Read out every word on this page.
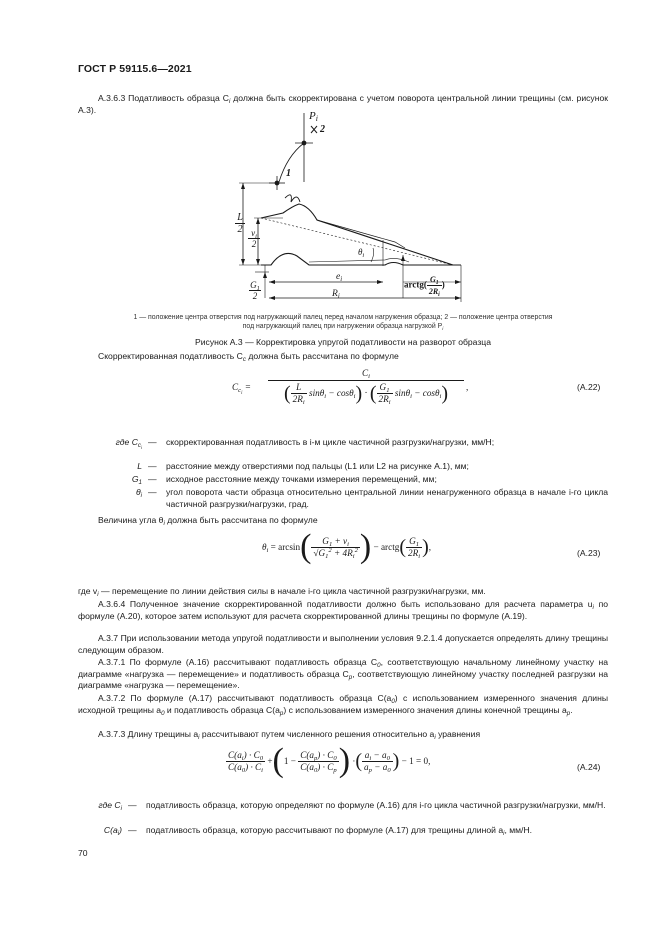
ГОСТ Р 59115.6—2021
А.3.6.3 Податливость образца $C_i$ должна быть скорректирована с учетом поворота центральной линии трещины (см. рисунок А.3).
$P_i$
2
1
L
2 $v_i$
2
$\theta_i$
$e_i$
$R_i$
$G_1$
2
arctg( $\frac{G_1}{2R_i}$ )
1 — положение центра отверстия под нагружающий палец перед началом нагружения образца; 2 — положение центра отверстия
под нагружающий палец при нагружении образца нагрузкой $P_i$
Рисунок А.3 — Корректировка упругой податливости на разворот образца
Скорректированная податливость $C_c$ должна быть рассчитана по формуле
$C_{c_i}$ =
$C_i$
( $\frac{L}{2R_i} \sin\theta_i - \cos\theta_i$) · ( $\frac{G_1}{2R_i} \sin\theta_i - \cos\theta_i$)	,	(А.22)
где $C_{c_i}$
— скорректированная податливость в i-м цикле частичной разгрузки/нагрузки, мм/Н;
L — расстояние между отверстиями под пальцы (L1 или L2 на рисунке А.1), мм;
$G_1$ — исходное расстояние между точками измерения перемещений, мм;
$\theta_i$ — угол поворота части образца относительно центральной линии ненагруженного образца в начале i-го цикла частичной разгрузки/нагрузки, град.
Величина угла $\theta_i$ должна быть рассчитана по формуле
$\theta_i = \arcsin( \frac{G_1 + v_i}{√G_1^2 + 4R_i^2}$ ) − arctg( $\frac{G_1}{2R_i}$ ),
(А.23)
где $v_i$ — перемещение по линии действия силы в начале i-го цикла частичной разгрузки/нагрузки, мм.
А.3.6.4 Полученное значение скорректированной податливости должно быть использовано для расчета параметра $u_i$ по формуле (А.20), которое затем используют для расчета скорректированной длины трещины по формуле (А.19).
А.3.7 При использовании метода упругой податливости и выполнении условия 9.2.1.4 допускается определять длину трещины следующим образом.
А.3.7.1 По формуле (А.16) рассчитывают податливость образца $C_0$, соответствующую начальному линейному участку на диаграмме «нагрузка — перемещение» и податливость образца $C_p$, соответствующую линейному участку последней разгрузки на диаграмме «нагрузка — перемещение».
А.3.7.2 По формуле (А.17) рассчитывают податливость образца $C(a_0)$ с использованием измеренного значения длины исходной трещины $a_0$ и податливость образца $C(a_p)$ с использованием измеренного значения длины конечной трещины $a_p$.
А.3.7.3 Длину трещины $a_i$ рассчитывают путем численного решения относительно $a_i$ уравнения
$\frac{C(a_i) \cdot C_0}{C(a_0) \cdot C_i} +(1 - \frac{C(a_p) \cdot C_0}{C(a_0) \cdot C_p}$ ) ·( $\frac{a_i - a_0}{a_p - a_0}$ ) − 1 = 0,
(А.24)
где $C_i$ — податливость образца, которую определяют по формуле (А.16) для i-го цикла частичной разгрузки/нагрузки, мм/Н.
$C(a_i)$ — податливость образца, которую рассчитывают по формуле (А.17) для трещины длиной $a_i$, мм/Н.
70
